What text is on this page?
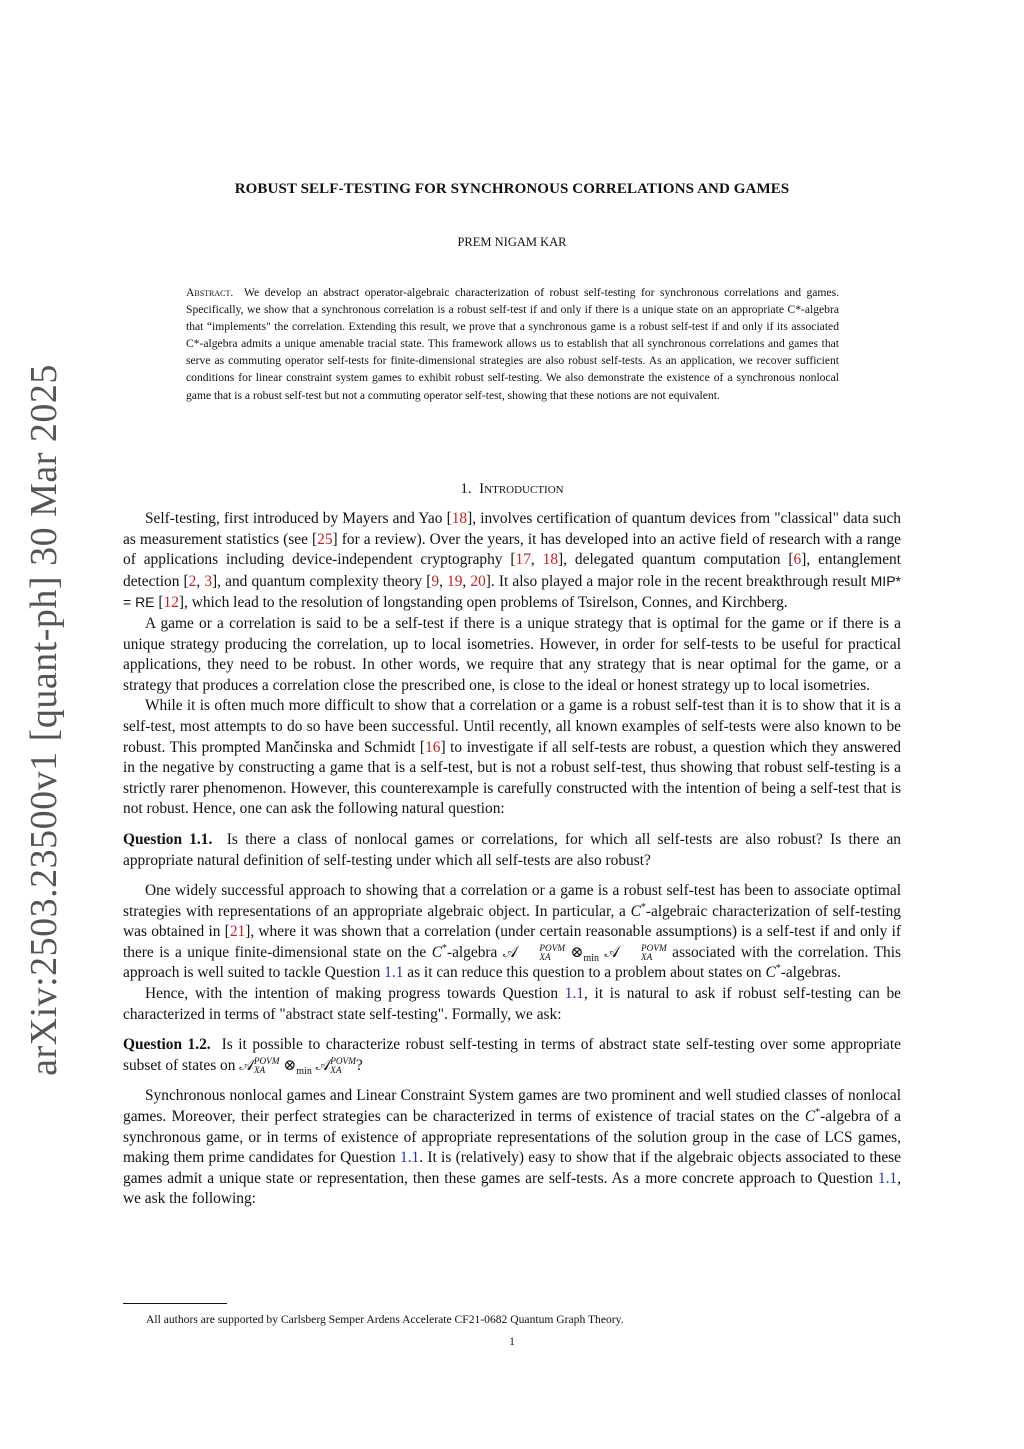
arXiv:2503.23500v1 [quant-ph] 30 Mar 2025
ROBUST SELF-TESTING FOR SYNCHRONOUS CORRELATIONS AND GAMES
PREM NIGAM KAR
Abstract. We develop an abstract operator-algebraic characterization of robust self-testing for synchronous correlations and games. Specifically, we show that a synchronous correlation is a robust self-test if and only if there is a unique state on an appropriate C*-algebra that “implements" the correlation. Extending this result, we prove that a synchronous game is a robust self-test if and only if its associated C*-algebra admits a unique amenable tracial state. This framework allows us to establish that all synchronous correlations and games that serve as commuting operator self-tests for finite-dimensional strategies are also robust self-tests. As an application, we recover sufficient conditions for linear constraint system games to exhibit robust self-testing. We also demonstrate the existence of a synchronous nonlocal game that is a robust self-test but not a commuting operator self-test, showing that these notions are not equivalent.
1. Introduction

Self-testing, first introduced by Mayers and Yao [18], involves certification of quantum devices from "classical" data such as measurement statistics (see [25] for a review). Over the years, it has developed into an active field of research with a range of applications including device-independent cryptography [17, 18], delegated quantum computation [6], entanglement detection [2, 3], and quantum complexity theory [9, 19, 20]. It also played a major role in the recent breakthrough result MIP* = RE [12], which lead to the resolution of longstanding open problems of Tsirelson, Connes, and Kirchberg.

A game or a correlation is said to be a self-test if there is a unique strategy that is optimal for the game or if there is a unique strategy producing the correlation, up to local isometries. However, in order for self-tests to be useful for practical applications, they need to be robust. In other words, we require that any strategy that is near optimal for the game, or a strategy that produces a correlation close the prescribed one, is close to the ideal or honest strategy up to local isometries.

While it is often much more difficult to show that a correlation or a game is a robust self-test than it is to show that it is a self-test, most attempts to do so have been successful. Until recently, all known examples of self-tests were also known to be robust. This prompted Mančinska and Schmidt [16] to investigate if all self-tests are robust, a question which they answered in the negative by constructing a game that is a self-test, but is not a robust self-test, thus showing that robust self-testing is a strictly rarer phenomenon. However, this counterexample is carefully constructed with the intention of being a self-test that is not robust. Hence, one can ask the following natural question:

Question 1.1. Is there a class of nonlocal games or correlations, for which all self-tests are also robust? Is there an appropriate natural definition of self-testing under which all self-tests are also robust?

One widely successful approach to showing that a correlation or a game is a robust self-test has been to associate optimal strategies with representations of an appropriate algebraic object. In particular, a C*-algebraic characterization of self-testing was obtained in [21], where it was shown that a correlation (under certain reasonable assumptions) is a self-test if and only if there is a unique finite-dimensional state on the C*-algebra 𝒜	POVM
XA	$\otimes_{min}$ 𝒜	POVM
XA associated with the correlation. This approach is well suited to tackle Question 1.1 as it can reduce this question to a problem about states on C*-algebras.

Hence, with the intention of making progress towards Question 1.1, it is natural to ask if robust self-testing can be characterized in terms of "abstract state self-testing". Formally, we ask:

Question 1.2. Is it possible to characterize robust self-testing in terms of abstract state self-testing over some appropriate subset of states on 𝒜 POVM
XA	$\otimes_{min}$ 𝒜 POVM
XA ?

Synchronous nonlocal games and Linear Constraint System games are two prominent and well studied classes of nonlocal games. Moreover, their perfect strategies can be characterized in terms of existence of tracial states on the C*-algebra of a synchronous game, or in terms of existence of appropriate representations of the solution group in the case of LCS games, making them prime candidates for Question 1.1. It is (relatively) easy to show that if the algebraic objects associated to these games admit a unique state or representation, then these games are self-tests. As a more concrete approach to Question 1.1, we ask the following:

All authors are supported by Carlsberg Semper Ardens Accelerate CF21-0682 Quantum Graph Theory.
1
